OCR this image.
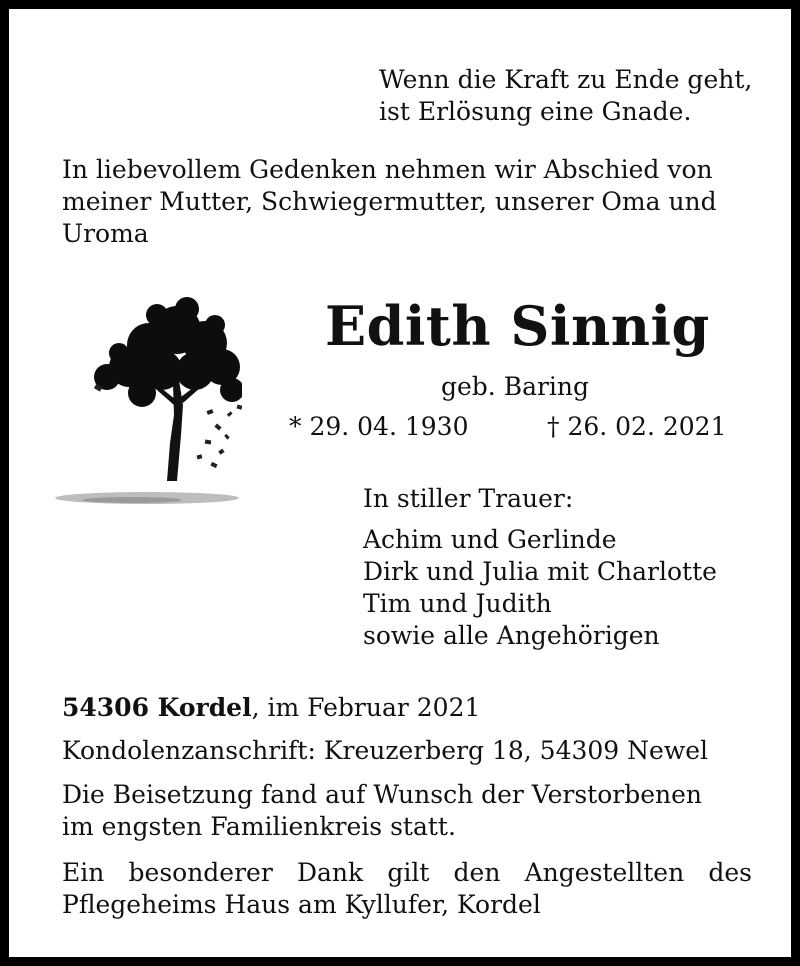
Wenn die Kraft zu Ende geht,
ist Erlösung eine Gnade.
In liebevollem Gedenken nehmen wir Abschied von
meiner Mutter, Schwiegermutter, unserer Oma und
Uroma
Edith Sinnig
geb. Baring
* 29. 04. 1930	† 26. 02. 2021
In stiller Trauer:
Achim und Gerlinde
Dirk und Julia mit Charlotte
Tim und Judith
sowie alle Angehörigen
54306 Kordel, im Februar 2021
Kondolenzanschrift: Kreuzerberg 18, 54309 Newel
Die Beisetzung fand auf Wunsch der Verstorbenen
im engsten Familienkreis statt.
Ein besonderer Dank gilt den Angestellten des
Pflegeheims Haus am Kyllufer, Kordel
